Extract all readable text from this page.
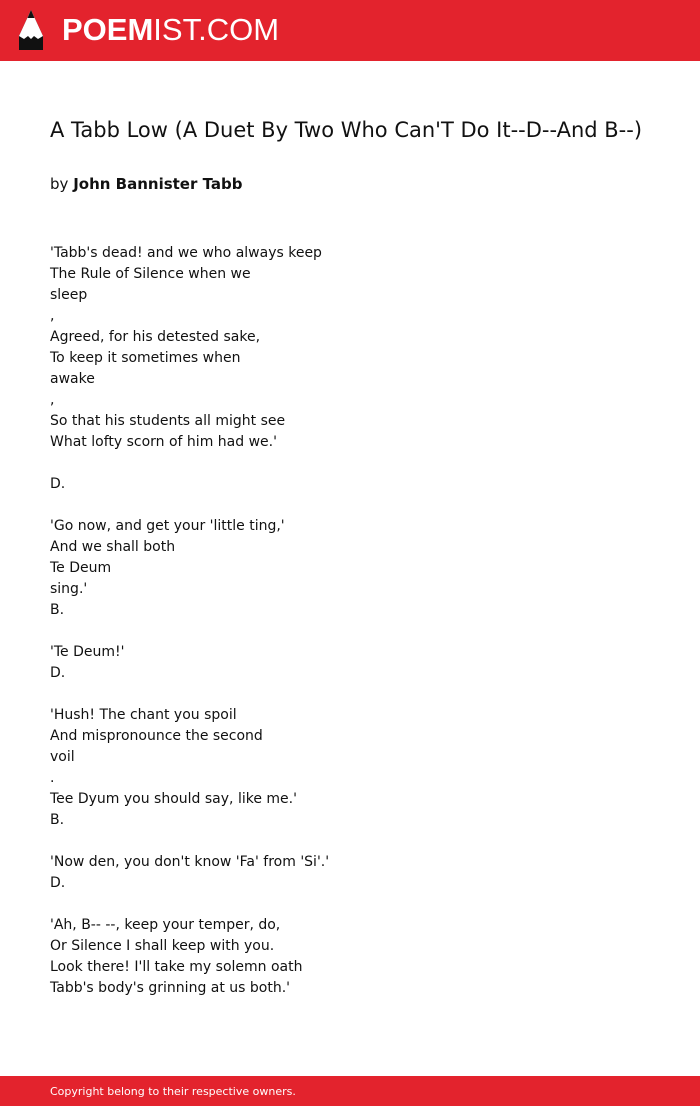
POEMIST.COM
A Tabb Low (A Duet By Two Who Can'T Do It--D--And B--)
by John Bannister Tabb
'Tabb's dead! and we who always keep
The Rule of Silence when we
sleep
,
Agreed, for his detested sake,
To keep it sometimes when
awake
,
So that his students all might see
What lofty scorn of him had we.'
D.
'Go now, and get your 'little ting,'
And we shall both
Te Deum
sing.'
B.
'Te Deum!'
D.
'Hush! The chant you spoil
And mispronounce the second
voil
.
Tee Dyum you should say, like me.'
B.
'Now den, you don't know 'Fa' from 'Si'.'
D.
'Ah, B-- --, keep your temper, do,
Or Silence I shall keep with you.
Look there! I'll take my solemn oath
Tabb's body's grinning at us both.'
Copyright belong to their respective owners.
